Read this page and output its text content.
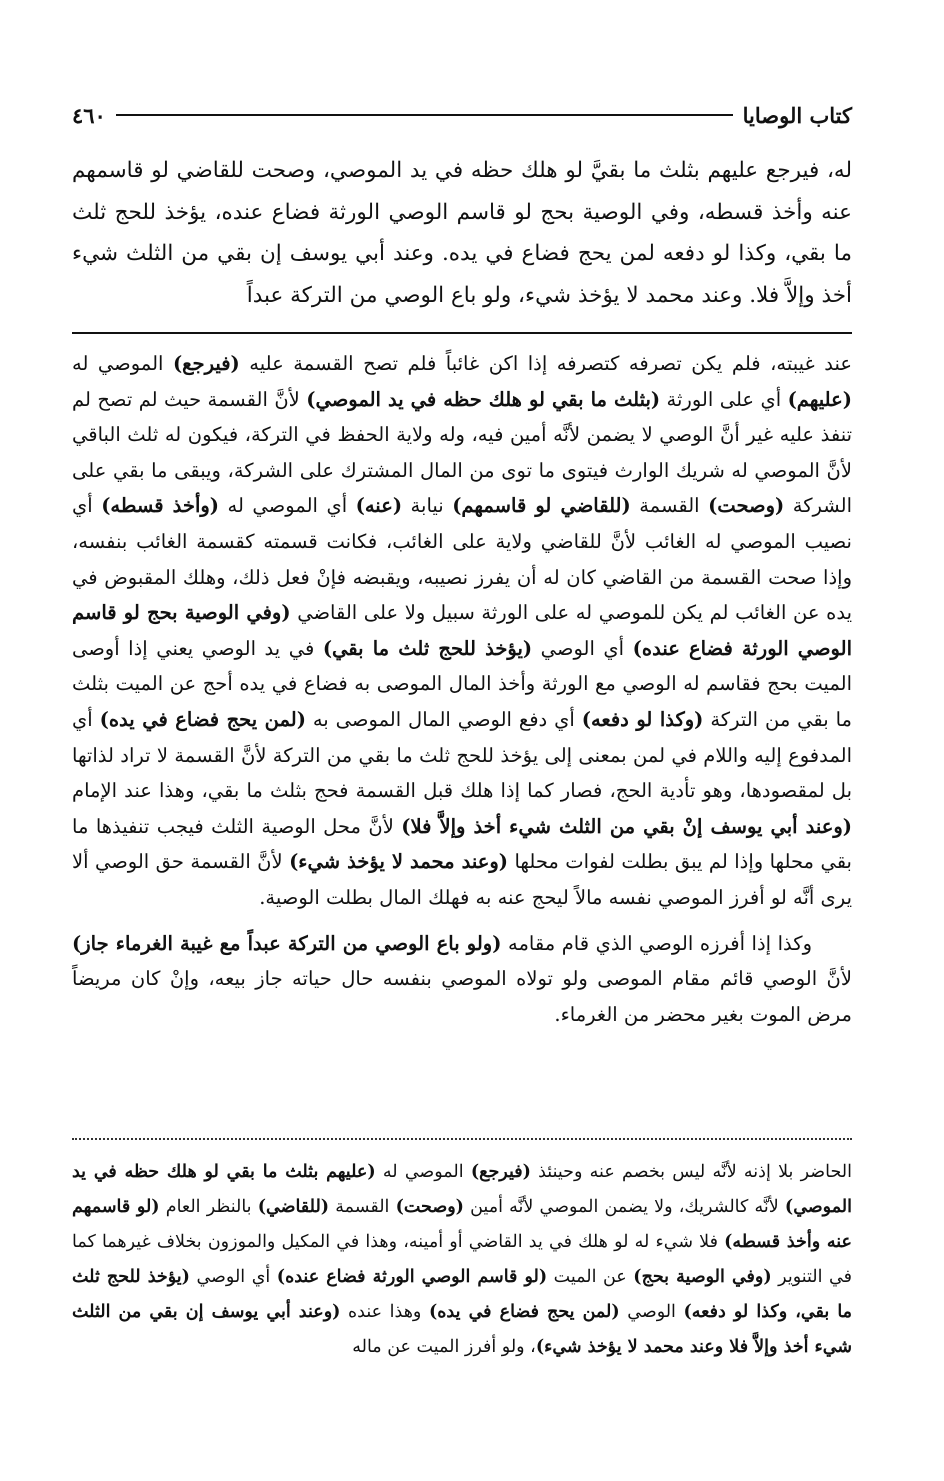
كتاب الوصايا
٤٦٠
له، فيرجع عليهم بثلث ما بقيَّ لو هلك حظه في يد الموصي، وصحت للقاضي لو قاسمهم عنه وأخذ قسطه، وفي الوصية بحج لو قاسم الوصي الورثة فضاع عنده، يؤخذ للحج ثلث ما بقي، وكذا لو دفعه لمن يحج فضاع في يده. وعند أبي يوسف إن بقي من الثلث شيء أخذ وإلاَّ فلا. وعند محمد لا يؤخذ شيء، ولو باع الوصي من التركة عبداً

عند غيبته، فلم يكن تصرفه كتصرفه إذا اكن غائباً فلم تصح القسمة عليه (فيرجع) الموصي له (عليهم) أي على الورثة (بثلث ما بقي لو هلك حظه في يد الموصي) لأنَّ القسمة حيث لم تصح لم تنفذ عليه غير أنَّ الوصي لا يضمن لأنَّه أمين فيه، وله ولاية الحفظ في التركة، فيكون له ثلث الباقي لأنَّ الموصي له شريك الوارث فيتوى ما توى من المال المشترك على الشركة، ويبقى ما بقي على الشركة (وصحت) القسمة (للقاضي لو قاسمهم) نيابة (عنه) أي الموصي له (وأخذ قسطه) أي نصيب الموصي له الغائب لأنَّ للقاضي ولاية على الغائب، فكانت قسمته كقسمة الغائب بنفسه، وإذا صحت القسمة من القاضي كان له أن يفرز نصيبه، ويقبضه فإنْ فعل ذلك، وهلك المقبوض في يده عن الغائب لم يكن للموصي له على الورثة سبيل ولا على القاضي (وفي الوصية بحج لو قاسم الوصي الورثة فضاع عنده) أي الوصي (يؤخذ للحج ثلث ما بقي) في يد الوصي يعني إذا أوصى الميت بحج فقاسم له الوصي مع الورثة وأخذ المال الموصى به فضاع في يده أحج عن الميت بثلث ما بقي من التركة (وكذا لو دفعه) أي دفع الوصي المال الموصى به (لمن يحج فضاع في يده) أي المدفوع إليه واللام في لمن بمعنى إلى يؤخذ للحج ثلث ما بقي من التركة لأنَّ القسمة لا تراد لذاتها بل لمقصودها، وهو تأدية الحج، فصار كما إذا هلك قبل القسمة فحج بثلث ما بقي، وهذا عند الإمام (وعند أبي يوسف إنْ بقي من الثلث شيء أخذ وإلاَّ فلا) لأنَّ محل الوصية الثلث فيجب تنفيذها ما بقي محلها وإذا لم يبق بطلت لفوات محلها (وعند محمد لا يؤخذ شيء) لأنَّ القسمة حق الوصي ألا يرى أنَّه لو أفرز الموصي نفسه مالاً ليحج عنه به فهلك المال بطلت الوصية.

وكذا إذا أفرزه الوصي الذي قام مقامه (ولو باع الوصي من التركة عبداً مع غيبة الغرماء جاز) لأنَّ الوصي قائم مقام الموصى ولو تولاه الموصي بنفسه حال حياته جاز بيعه، وإنْ كان مريضاً مرض الموت بغير محضر من الغرماء.

الحاضر بلا إذنه لأنَّه ليس بخصم عنه وحينئذ (فيرجع) الموصي له (عليهم بثلث ما بقي لو هلك حظه في يد الموصي) لأنَّه كالشريك، ولا يضمن الموصي لأنَّه أمين (وصحت) القسمة (للقاضي) بالنظر العام (لو قاسمهم عنه وأخذ قسطه) فلا شيء له لو هلك في يد القاضي أو أمينه، وهذا في المكيل والموزون بخلاف غيرهما كما في التنوير (وفي الوصية بحج) عن الميت (لو قاسم الوصي الورثة فضاع عنده) أي الوصي (يؤخذ للحج ثلث ما بقي، وكذا لو دفعه) الوصي (لمن يحج فضاع في يده) وهذا عنده (وعند أبي يوسف إن بقي من الثلث شيء أخذ وإلاَّ فلا وعند محمد لا يؤخذ شيء)، ولو أفرز الميت عن ماله
